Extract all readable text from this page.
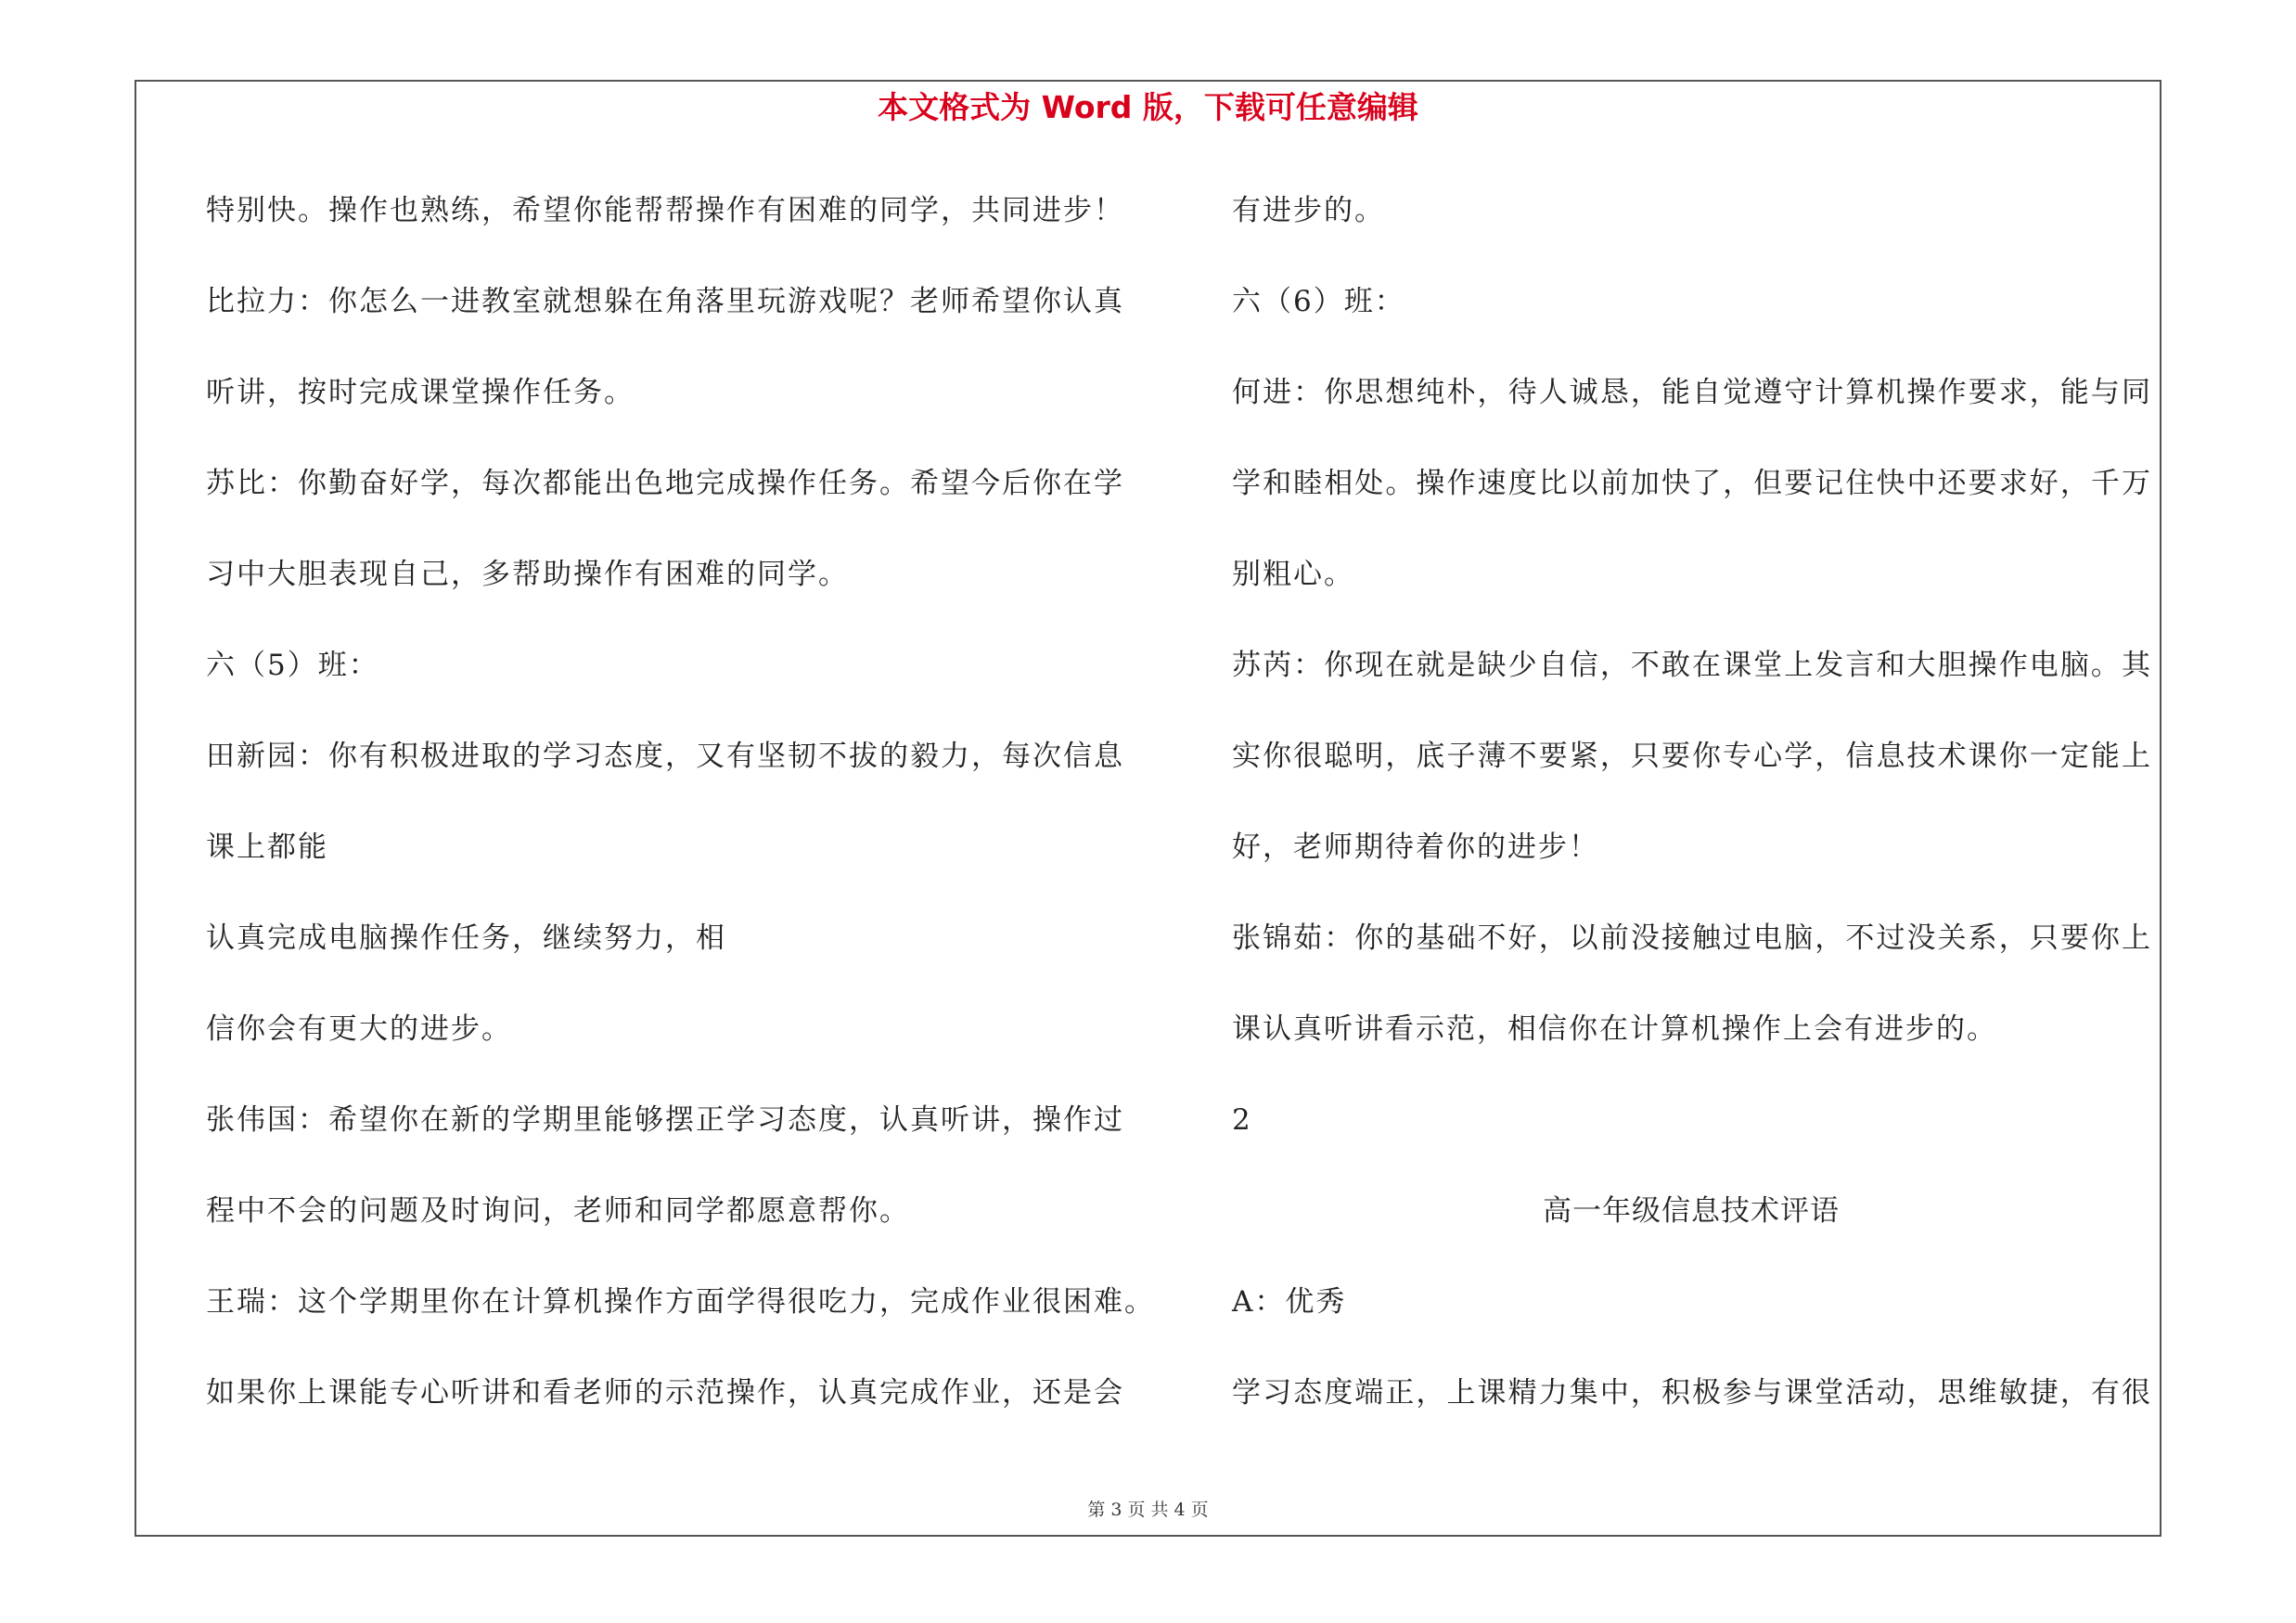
本文格式为 Word 版，下载可任意编辑
特别快。操作也熟练，希望你能帮帮操作有困难的同学，共同进步！
比拉力：你怎么一进教室就想躲在角落里玩游戏呢？老师希望你认真
听讲，按时完成课堂操作任务。
苏比：你勤奋好学，每次都能出色地完成操作任务。希望今后你在学
习中大胆表现自己，多帮助操作有困难的同学。
六（5）班：
田新园：你有积极进取的学习态度，又有坚韧不拔的毅力，每次信息
课上都能
认真完成电脑操作任务，继续努力，相
信你会有更大的进步。
张伟国：希望你在新的学期里能够摆正学习态度，认真听讲，操作过
程中不会的问题及时询问，老师和同学都愿意帮你。
王瑞：这个学期里你在计算机操作方面学得很吃力，完成作业很困难。
如果你上课能专心听讲和看老师的示范操作，认真完成作业，还是会
有进步的。
六（6）班：
何进：你思想纯朴，待人诚恳，能自觉遵守计算机操作要求，能与同
学和睦相处。操作速度比以前加快了，但要记住快中还要求好，千万
别粗心。
苏芮：你现在就是缺少自信，不敢在课堂上发言和大胆操作电脑。其
实你很聪明，底子薄不要紧，只要你专心学，信息技术课你一定能上
好，老师期待着你的进步！
张锦茹：你的基础不好，以前没接触过电脑，不过没关系，只要你上
课认真听讲看示范，相信你在计算机操作上会有进步的。
2
高一年级信息技术评语
A：优秀
学习态度端正，上课精力集中，积极参与课堂活动，思维敏捷，有很
第 3 页 共 4 页
